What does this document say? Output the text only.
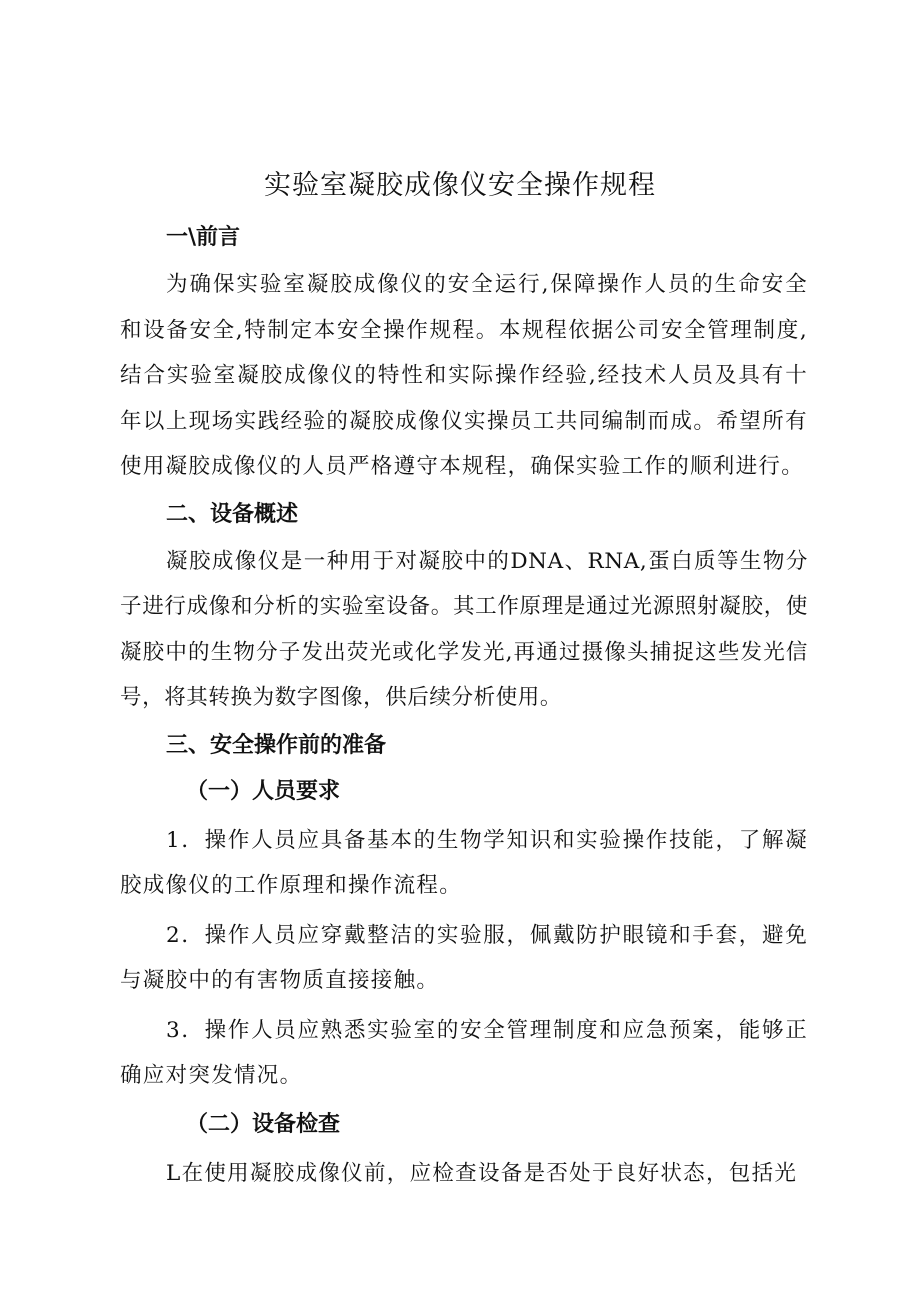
实验室凝胶成像仪安全操作规程
一\前言

为确保实验室凝胶成像仪的安全运行,保障操作人员的生命安全和设备安全,特制定本安全操作规程。本规程依据公司安全管理制度,结合实验室凝胶成像仪的特性和实际操作经验,经技术人员及具有十年以上现场实践经验的凝胶成像仪实操员工共同编制而成。希望所有使用凝胶成像仪的人员严格遵守本规程，确保实验工作的顺利进行。

二、设备概述

凝胶成像仪是一种用于对凝胶中的DNA、RNA,蛋白质等生物分子进行成像和分析的实验室设备。其工作原理是通过光源照射凝胶，使凝胶中的生物分子发出荧光或化学发光,再通过摄像头捕捉这些发光信号，将其转换为数字图像，供后续分析使用。

三、安全操作前的准备
（一）人员要求

1．操作人员应具备基本的生物学知识和实验操作技能，了解凝胶成像仪的工作原理和操作流程。

2．操作人员应穿戴整洁的实验服，佩戴防护眼镜和手套，避免与凝胶中的有害物质直接接触。

3．操作人员应熟悉实验室的安全管理制度和应急预案，能够正确应对突发情况。

（二）设备检查

L在使用凝胶成像仪前，应检查设备是否处于良好状态，包括光
